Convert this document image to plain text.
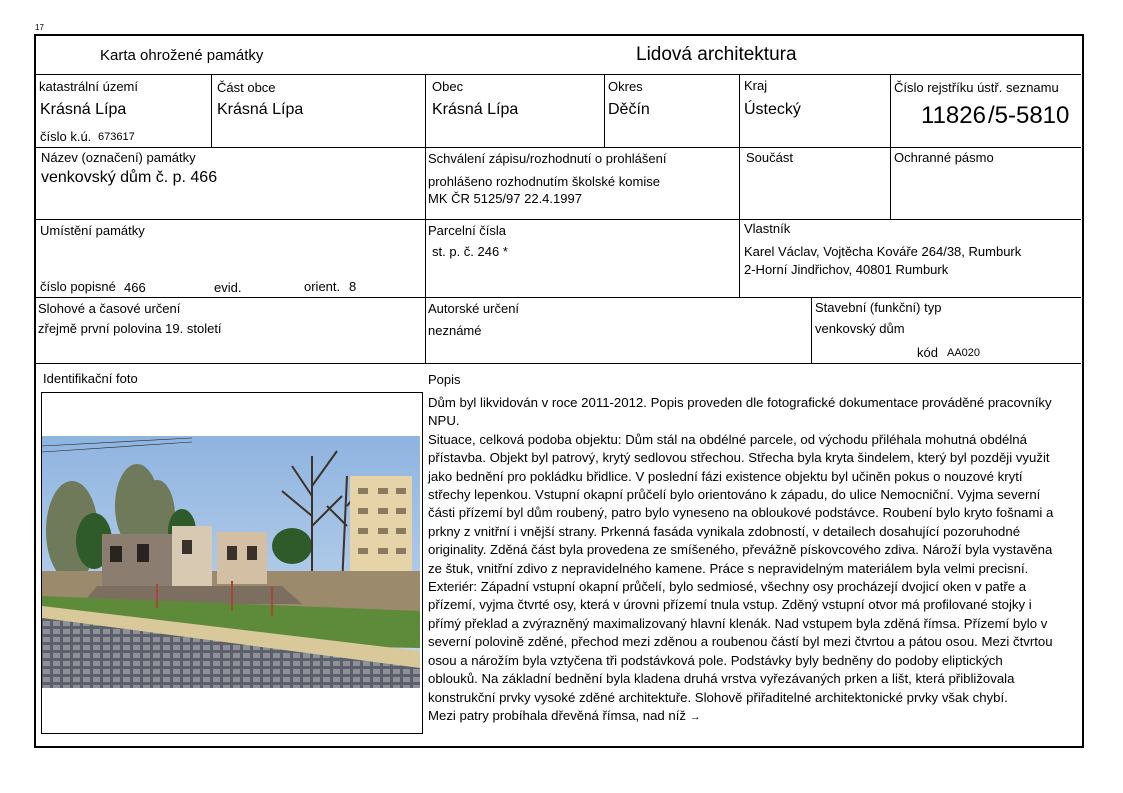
17
Karta ohrožené památky	Lidová architektura
katastrální území
Krásná Lípa
číslo k.ú. 673617
Část obce
Krásná Lípa
Obec
Krásná Lípa
Okres
Děčín
Kraj
Ústecký
Číslo rejstříku ústř. seznamu
11826/5-5810
Název (označení) památky
venkovský dům č. p. 466
Schválení zápisu/rozhodnutí o prohlášení
prohlášeno rozhodnutím školské komise
MK ČR 5125/97 22.4.1997
Součást	Ochranné pásmo
Umístění památky
číslo popisné 466	evid.	orient. 8
Parcelní čísla
st. p. č. 246 *
Vlastník
Karel Václav, Vojtěcha Kováře 264/38, Rumburk
2-Horní Jindřichov, 40801 Rumburk
Slohové a časové určení
zřejmě první polovina 19. století
Autorské určení
neznámé
Stavební (funkční) typ
venkovský dům
kód AA020
Identifikační foto	Popis
Dům byl likvidován v roce 2011-2012. Popis proveden dle fotografické dokumentace prováděné pracovníky
NPU.
Situace, celková podoba objektu: Dům stál na obdélné parcele, od východu přiléhala mohutná obdélná
přístavba. Objekt byl patrový, krytý sedlovou střechou. Střecha byla kryta šindelem, který byl později využit
jako bednění pro pokládku břidlice. V poslední fázi existence objektu byl učiněn pokus o nouzové krytí
střechy lepenkou. Vstupní okapní průčelí bylo orientováno k západu, do ulice Nemocniční. Vyjma severní
části přízemí byl dům roubený, patro bylo vyneseno na obloukové podstávce. Roubení bylo kryto fošnami a
prkny z vnitřní i vnější strany. Prkenná fasáda vynikala zdobností, v detailech dosahující pozoruhodné
originality. Zděná část byla provedena ze smíšeného, převážně pískovcového zdiva. Nároží byla vystavěna
ze štuk, vnitřní zdivo z nepravidelného kamene. Práce s nepravidelným materiálem byla velmi precisní.
Exteriér: Západní vstupní okapní průčelí, bylo sedmiosé, všechny osy procházejí dvojicí oken v patře a
přízemí, vyjma čtvrté osy, která v úrovni přízemí tnula vstup. Zděný vstupní otvor má profilované stojky i
přímý překlad a zvýrazněný maximalizovaný hlavní klenák. Nad vstupem byla zděná římsa. Přízemí bylo v
severní polovině zděné, přechod mezi zděnou a roubenou částí byl mezi čtvrtou a pátou osou. Mezi čtvrtou
osou a nárožím byla vztyčena tři podstávková pole. Podstávky byly bedněny do podoby eliptických
oblouků. Na základní bednění byla kladena druhá vrstva vyřezávaných prken a lišt, která přibližovala
konstrukční prvky vysoké zděné architektuře. Slohově přiřaditelné architektonické prvky však chybí.
Mezi patry probíhala dřevěná římsa, nad níž →
